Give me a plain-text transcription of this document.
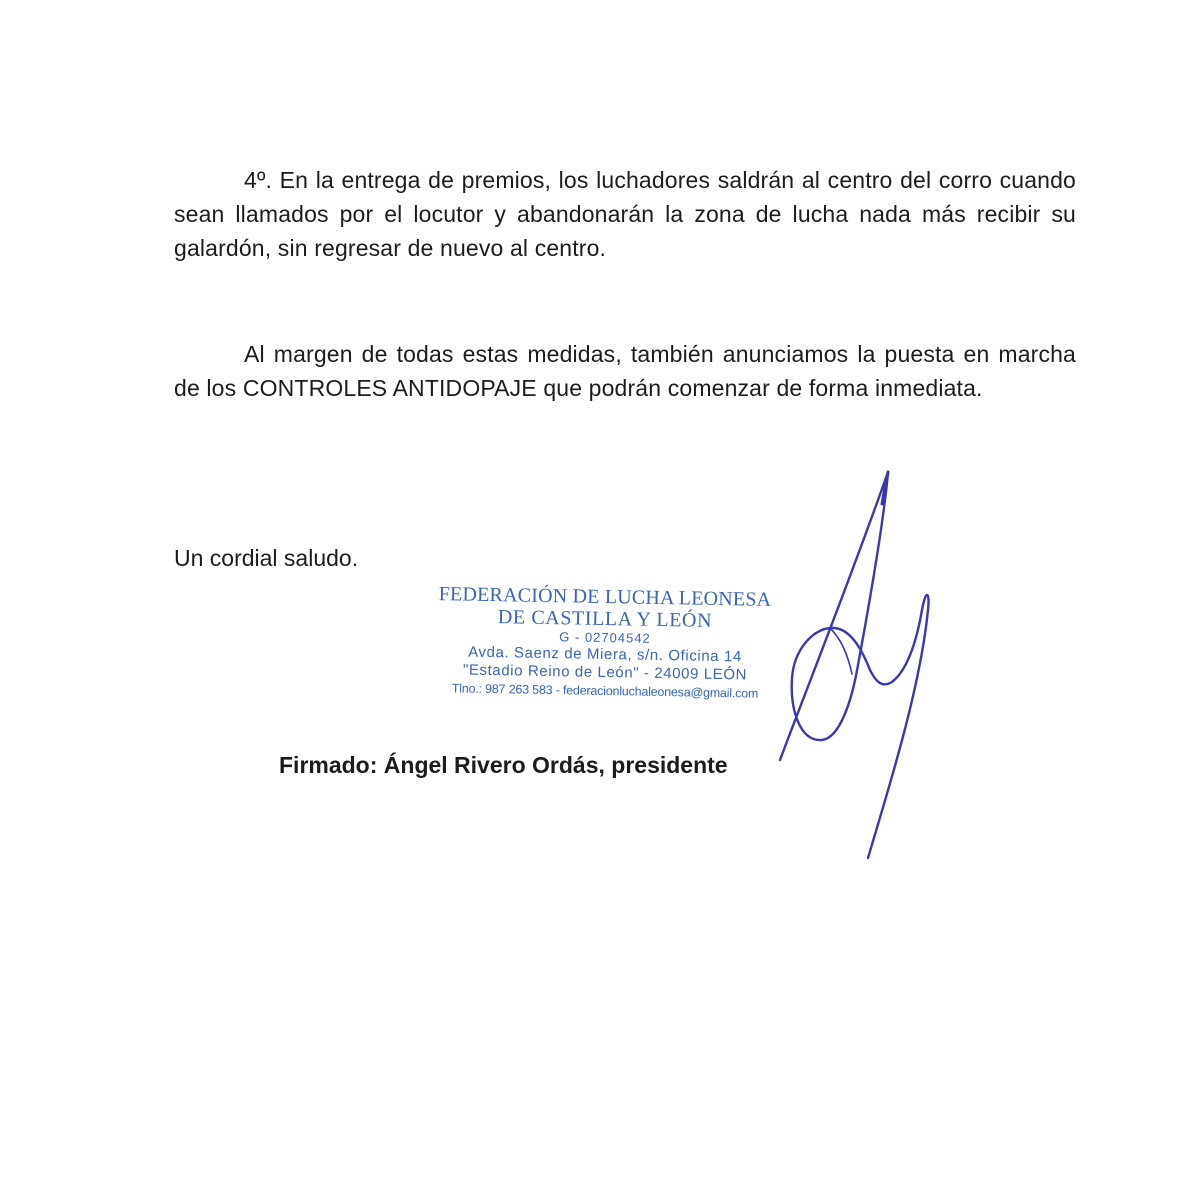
4º. En la entrega de premios, los luchadores saldrán al centro del corro cuando sean llamados por el locutor y abandonarán la zona de lucha nada más recibir su galardón, sin regresar de nuevo al centro.

Al margen de todas estas medidas, también anunciamos la puesta en marcha de los CONTROLES ANTIDOPAJE que podrán comenzar de forma inmediata.

Un cordial saludo.

FEDERACIÓN DE LUCHA LEONESA
DE CASTILLA Y LEÓN
G - 02704542
Avda. Saenz de Miera, s/n. Oficina 14
"Estadio Reino de León" - 24009 LEÓN
Tlno.: 987 263 583 - federacionluchaleonesa@gmail.com

Firmado: Ángel Rivero Ordás, presidente
